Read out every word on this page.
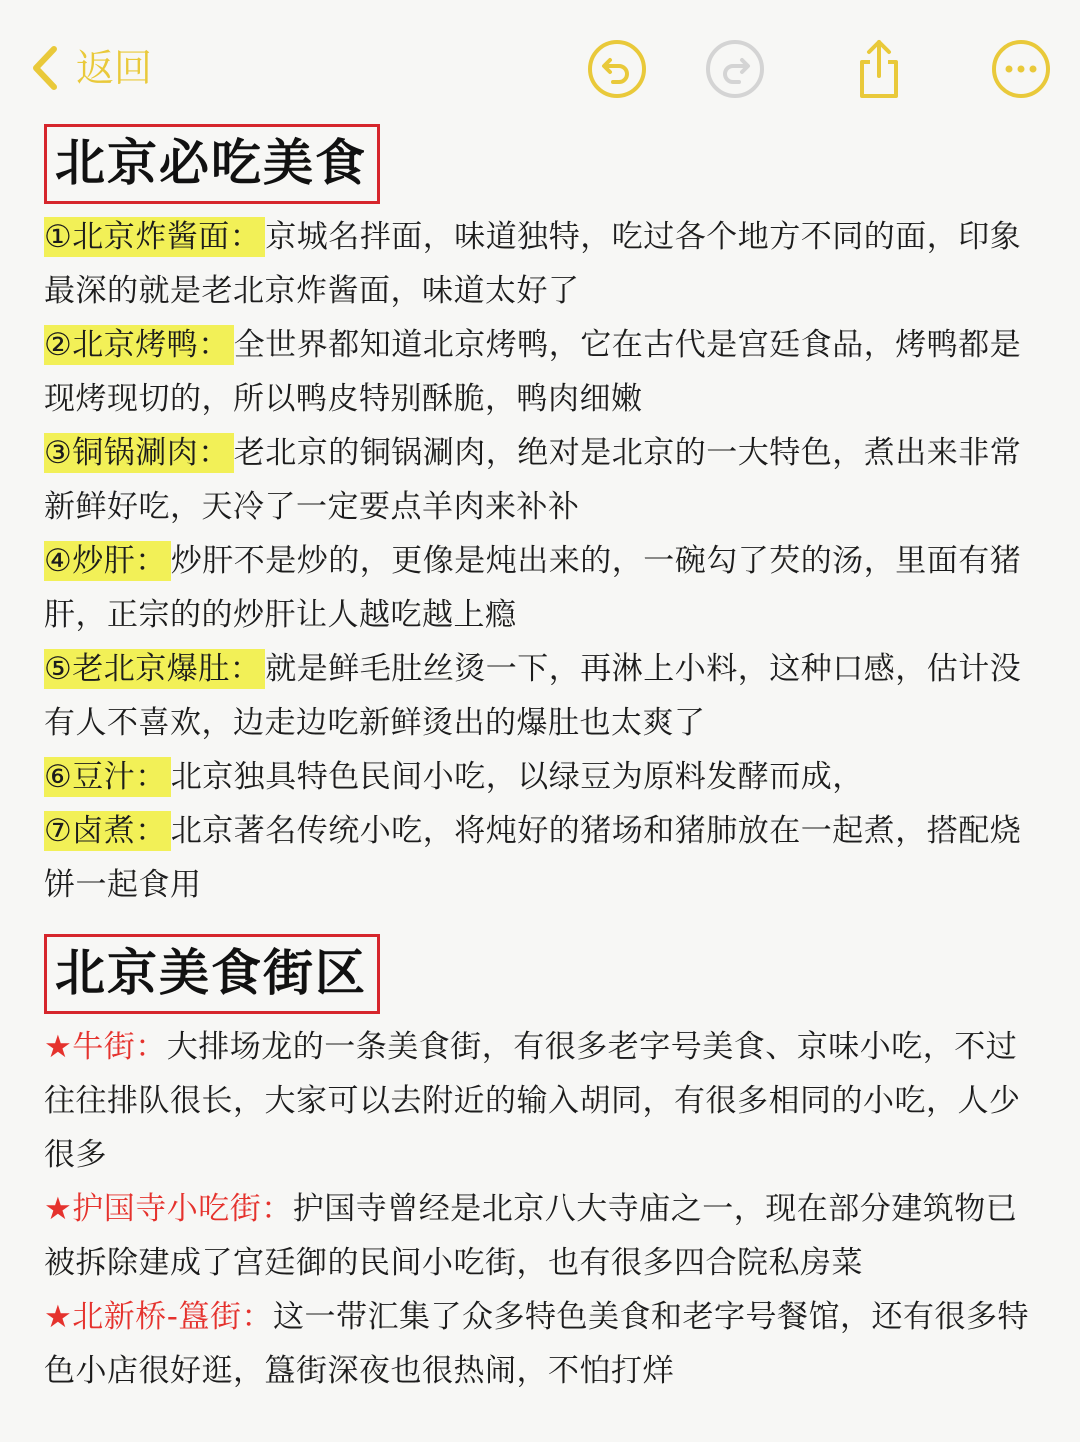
返回
北京必吃美食
①北京炸酱面： 京城名拌面，味道独特，吃过各个地方不同的面，印象最深的就是老北京炸酱面，味道太好了
②北京烤鸭： 全世界都知道北京烤鸭，它在古代是宫廷食品，烤鸭都是现烤现切的，所以鸭皮特别酥脆，鸭肉细嫩
③铜锅涮肉： 老北京的铜锅涮肉，绝对是北京的一大特色，煮出来非常新鲜好吃，天冷了一定要点羊肉来补补
④炒肝： 炒肝不是炒的，更像是炖出来的，一碗勾了芡的汤，里面有猪肝，正宗的的炒肝让人越吃越上瘾
⑤老北京爆肚： 就是鲜毛肚丝烫一下，再淋上小料，这种口感，估计没有人不喜欢，边走边吃新鲜烫出的爆肚也太爽了
⑥豆汁： 北京独具特色民间小吃，以绿豆为原料发酵而成，
⑦卤煮： 北京著名传统小吃，将炖好的猪场和猪肺放在一起煮，搭配烧饼一起食用
北京美食街区
★牛街：大排场龙的一条美食街，有很多老字号美食、京味小吃，不过往往排队很长，大家可以去附近的输入胡同，有很多相同的小吃，人少很多
★护国寺小吃街：护国寺曾经是北京八大寺庙之一，现在部分建筑物已被拆除建成了宫廷御的民间小吃街，也有很多四合院私房菜
★北新桥-簋街：这一带汇集了众多特色美食和老字号餐馆，还有很多特色小店很好逛，簋街深夜也很热闹，不怕打烊
